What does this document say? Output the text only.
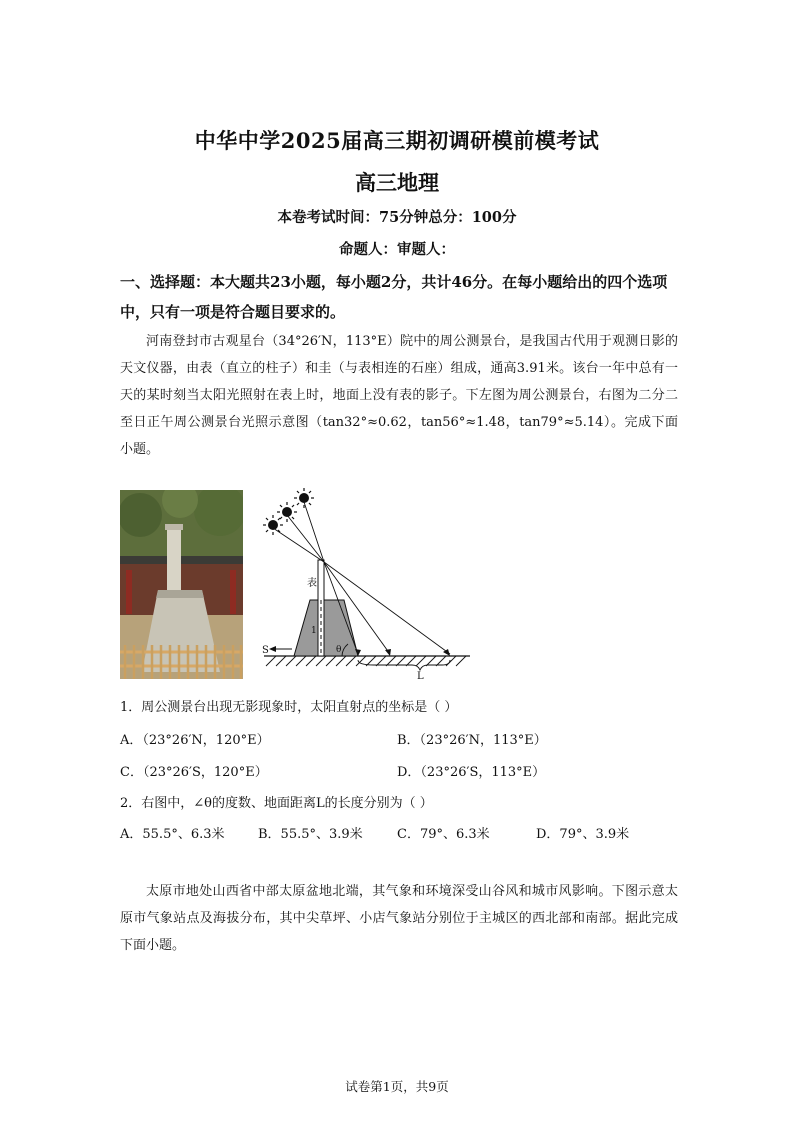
中华中学2025届高三期初调研模前模考试
高三地理
本卷考试时间：75分钟总分：100分
命题人：审题人：
一、选择题：本大题共23小题，每小题2分，共计46分。在每小题给出的四个选项中，只有一项是符合题目要求的。
河南登封市古观星台（34°26′N，113°E）院中的周公测景台，是我国古代用于观测日影的天文仪器，由表（直立的柱子）和圭（与表相连的石座）组成，通高3.91米。该台一年中总有一天的某时刻当太阳光照射在表上时，地面上没有表的影子。下左图为周公测景台，右图为二分二至日正午周公测景台光照示意图（tan32°≈0.62，tan56°≈1.48，tan79°≈5.14）。完成下面小题。
表
S	θ
L
1
1．周公测景台出现无影现象时，太阳直射点的坐标是（ ）
A．（23°26′N，120°E）	B．（23°26′N，113°E）
C．（23°26′S，120°E）	D．（23°26′S，113°E）
2．右图中，∠θ的度数、地面距离L的长度分别为（ ）
A．55.5°、6.3米	B．55.5°、3.9米	C．79°、6.3米	D．79°、3.9米
太原市地处山西省中部太原盆地北端，其气象和环境深受山谷风和城市风影响。下图示意太原市气象站点及海拔分布，其中尖草坪、小店气象站分别位于主城区的西北部和南部。据此完成下面小题。
试卷第1页，共9页
